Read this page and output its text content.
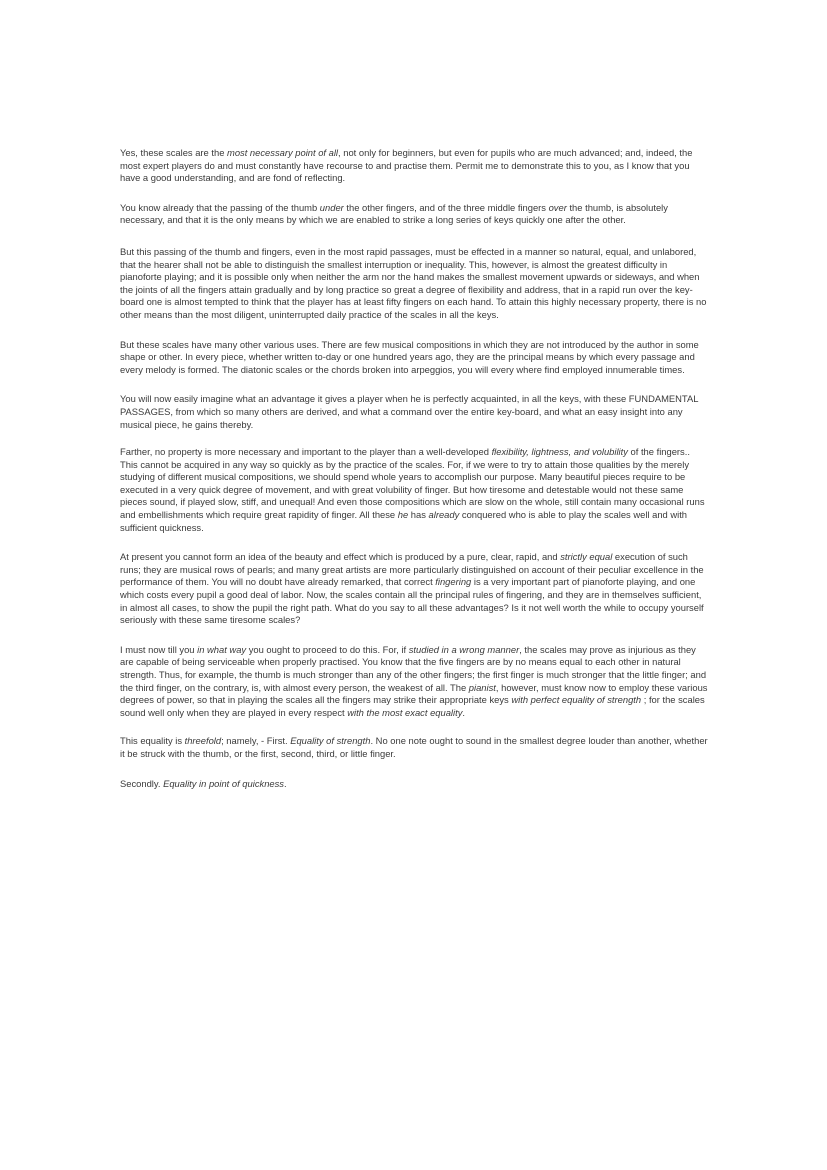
Yes, these scales are the most necessary point of all, not only for beginners, but even for pupils who are much advanced; and, indeed, the most expert players do and must constantly have recourse to and practise them. Permit me to demonstrate this to you, as I know that you have a good understanding, and are fond of reflecting.

You know already that the passing of the thumb under the other fingers, and of the three middle fingers over the thumb, is absolutely necessary, and that it is the only means by which we are enabled to strike a long series of keys quickly one after the other.

But this passing of the thumb and fingers, even in the most rapid passages, must be effected in a manner so natural, equal, and unlabored, that the hearer shall not be able to distinguish the smallest interruption or inequality. This, however, is almost the greatest difficulty in pianoforte playing; and it is possible only when neither the arm nor the hand makes the smallest movement upwards or sideways, and when the joints of all the fingers attain gradually and by long practice so great a degree of flexibility and address, that in a rapid run over the key-board one is almost tempted to think that the player has at least fifty fingers on each hand. To attain this highly necessary property, there is no other means than the most diligent, uninterrupted daily practice of the scales in all the keys.

But these scales have many other various uses. There are few musical compositions in which they are not introduced by the author in some shape or other. In every piece, whether written to-day or one hundred years ago, they are the principal means by which every passage and every melody is formed. The diatonic scales or the chords broken into arpeggios, you will every where find employed innumerable times.

You will now easily imagine what an advantage it gives a player when he is perfectly acquainted, in all the keys, with these FUNDAMENTAL PASSAGES, from which so many others are derived, and what a command over the entire key-board, and what an easy insight into any musical piece, he gains thereby.

Farther, no property is more necessary and important to the player than a well-developed flexibility, lightness, and volubility of the fingers.. This cannot be acquired in any way so quickly as by the practice of the scales. For, if we were to try to attain those qualities by the merely studying of different musical compositions, we should spend whole years to accomplish our purpose. Many beautiful pieces require to be executed in a very quick degree of movement, and with great volubility of finger. But how tiresome and detestable would not these same pieces sound, if played slow, stiff, and unequal! And even those compositions which are slow on the whole, still contain many occasional runs and embellishments which require great rapidity of finger. All these he has already conquered who is able to play the scales well and with sufficient quickness.

At present you cannot form an idea of the beauty and effect which is produced by a pure, clear, rapid, and strictly equal execution of such runs; they are musical rows of pearls; and many great artists are more particularly distinguished on account of their peculiar excellence in the performance of them. You will no doubt have already remarked, that correct fingering is a very important part of pianoforte playing, and one which costs every pupil a good deal of labor. Now, the scales contain all the principal rules of fingering, and they are in themselves sufficient, in almost all cases, to show the pupil the right path. What do you say to all these advantages? Is it not well worth the while to occupy yourself seriously with these same tiresome scales?

I must now till you in what way you ought to proceed to do this. For, if studied in a wrong manner, the scales may prove as injurious as they are capable of being serviceable when properly practised. You know that the five fingers are by no means equal to each other in natural strength. Thus, for example, the thumb is much stronger than any of the other fingers; the first finger is much stronger that the little finger; and the third finger, on the contrary, is, with almost every person, the weakest of all. The pianist, however, must know now to employ these various degrees of power, so that in playing the scales all the fingers may strike their appropriate keys with perfect equality of strength ; for the scales sound well only when they are played in every respect with the most exact equality.

This equality is threefold; namely, - First. Equality of strength. No one note ought to sound in the smallest degree louder than another, whether it be struck with the thumb, or the first, second, third, or little finger.

Secondly. Equality in point of quickness.
